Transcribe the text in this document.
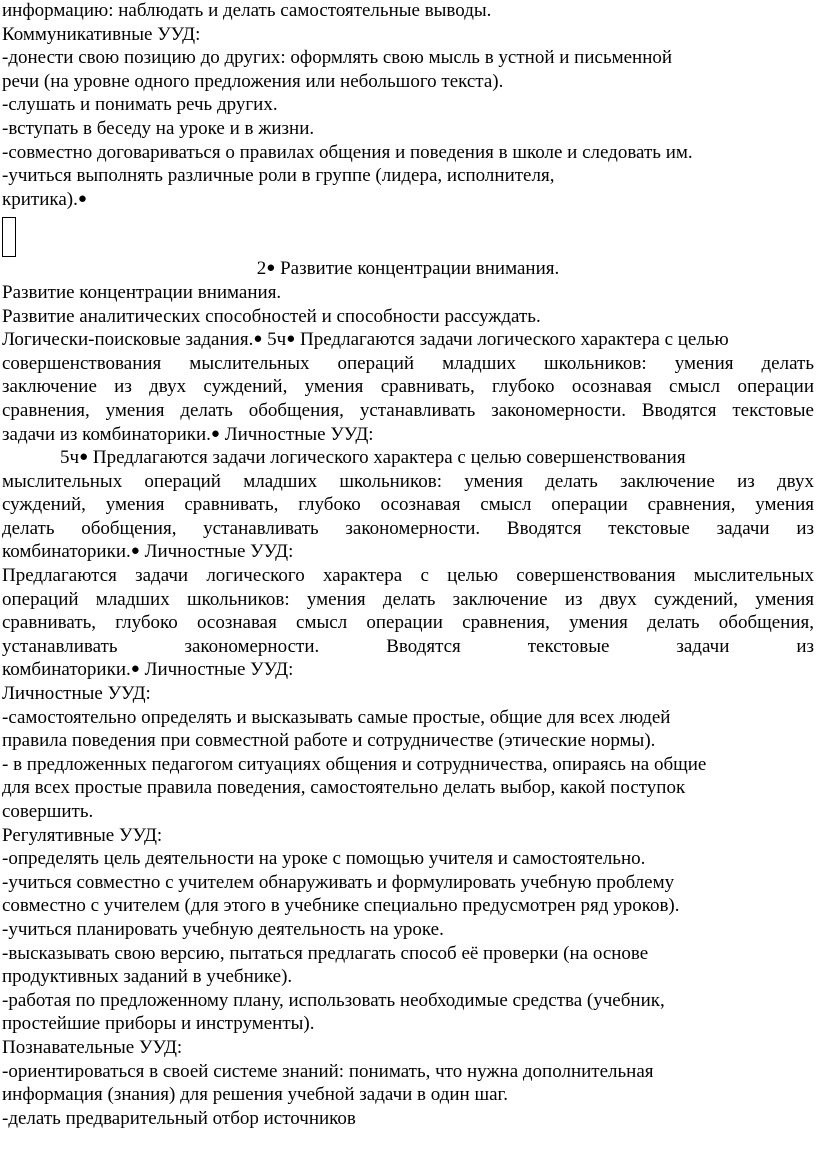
информацию: наблюдать и делать самостоятельные выводы.
Коммуникативные УУД:
-донести свою позицию до других: оформлять свою мысль в устной и письменной
речи (на уровне одного предложения или небольшого текста).
-слушать и понимать речь других.
-вступать в беседу на уроке и в жизни.
-совместно договариваться о правилах общения и поведения в школе и следовать им.
-учиться выполнять различные роли в группе (лидера, исполнителя,
критика).●
2● Развитие концентрации внимания.
Развитие концентрации внимания.
Развитие аналитических способностей и способности рассуждать.
Логически-поисковые задания.● 5ч● Предлагаются задачи логического характера с целью
совершенствования мыслительных операций младших школьников: умения делать
заключение из двух суждений, умения сравнивать, глубоко осознавая смысл операции
сравнения, умения делать обобщения, устанавливать закономерности. Вводятся текстовые
задачи из комбинаторики.● Личностные УУД:
5ч● Предлагаются задачи логического характера с целью совершенствования
мыслительных операций младших школьников: умения делать заключение из двух
суждений, умения сравнивать, глубоко осознавая смысл операции сравнения, умения
делать обобщения, устанавливать закономерности. Вводятся текстовые задачи из
комбинаторики.● Личностные УУД:
Предлагаются задачи логического характера с целью совершенствования мыслительных
операций младших школьников: умения делать заключение из двух суждений, умения
сравнивать, глубоко осознавая смысл операции сравнения, умения делать обобщения,
устанавливать закономерности. Вводятся текстовые задачи из
комбинаторики.● Личностные УУД:
Личностные УУД:
-самостоятельно определять и высказывать самые простые, общие для всех людей
правила поведения при совместной работе и сотрудничестве (этические нормы).
- в предложенных педагогом ситуациях общения и сотрудничества, опираясь на общие
для всех простые правила поведения, самостоятельно делать выбор, какой поступок
совершить.
Регулятивные УУД:
-определять цель деятельности на уроке с помощью учителя и самостоятельно.
-учиться совместно с учителем обнаруживать и формулировать учебную проблему
совместно с учителем (для этого в учебнике специально предусмотрен ряд уроков).
-учиться планировать учебную деятельность на уроке.
-высказывать свою версию, пытаться предлагать способ её проверки (на основе
продуктивных заданий в учебнике).
-работая по предложенному плану, использовать необходимые средства (учебник,
простейшие приборы и инструменты).
Познавательные УУД:
-ориентироваться в своей системе знаний: понимать, что нужна дополнительная
информация (знания) для решения учебной задачи в один шаг.
-делать предварительный отбор источников
